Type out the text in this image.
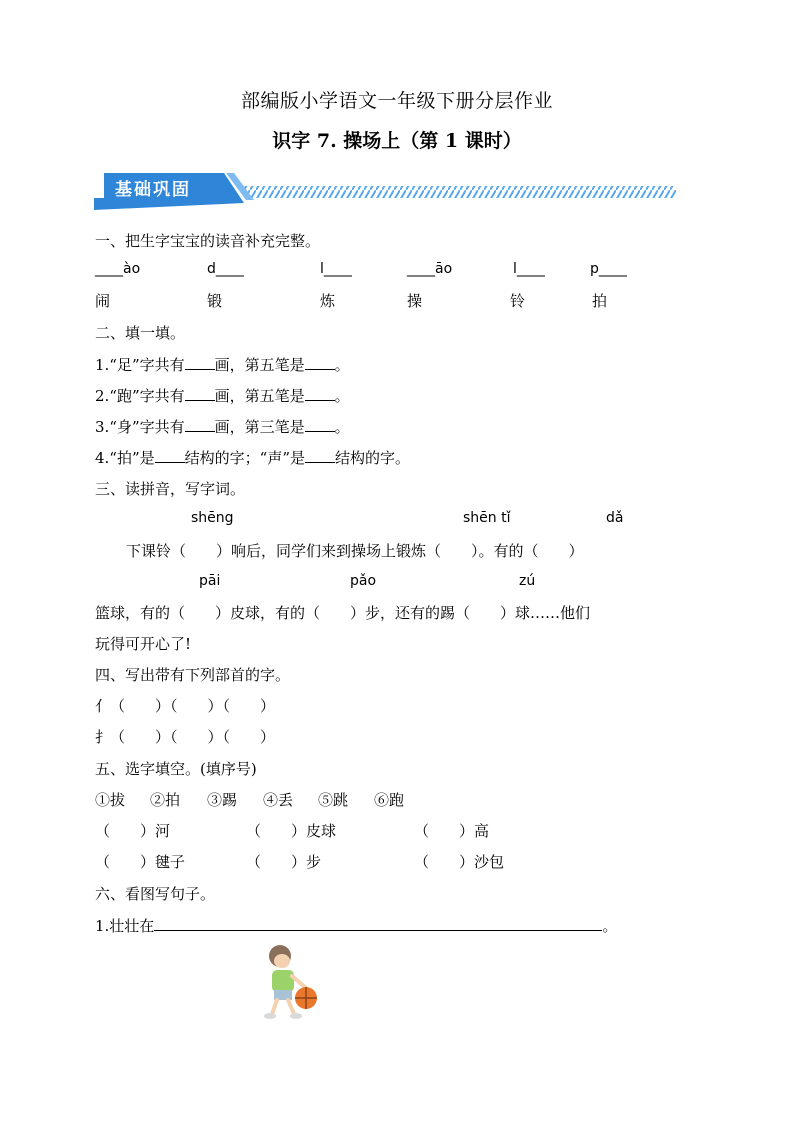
部编版小学语文一年级下册分层作业
识字 7. 操场上（第 1 课时）
基础巩固
一、把生字宝宝的读音补充完整。
____ào	d____	l____	____āo	l____	p____
闹	锻	炼	操	铃	拍
二、填一填。
1.“足”字共有 画，第五笔是 。
2.“跑”字共有 画，第五笔是 。
3.“身”字共有 画，第三笔是 。
4.“拍”是 结构的字；“声”是 结构的字。
三、读拼音，写字词。
shēng	shēn tǐ	dǎ
下课铃（　　）响后，同学们来到操场上锻炼（　　）。有的（　　）
pāi	pǎo	zú
篮球，有的（　　）皮球，有的（　　）步，还有的踢（　　）球……他们
玩得可开心了!
四、写出带有下列部首的字。
亻（　　）（　　）（　　）
扌（　　）（　　）（　　）
五、选字填空。(填序号)
①拔 ②拍 ③踢 ④丢 ⑤跳 ⑥跑
（　　）河	（　　）皮球	（　　）高
（　　）毽子	（　　）步	（　　）沙包
六、看图写句子。
1.壮壮在	。
